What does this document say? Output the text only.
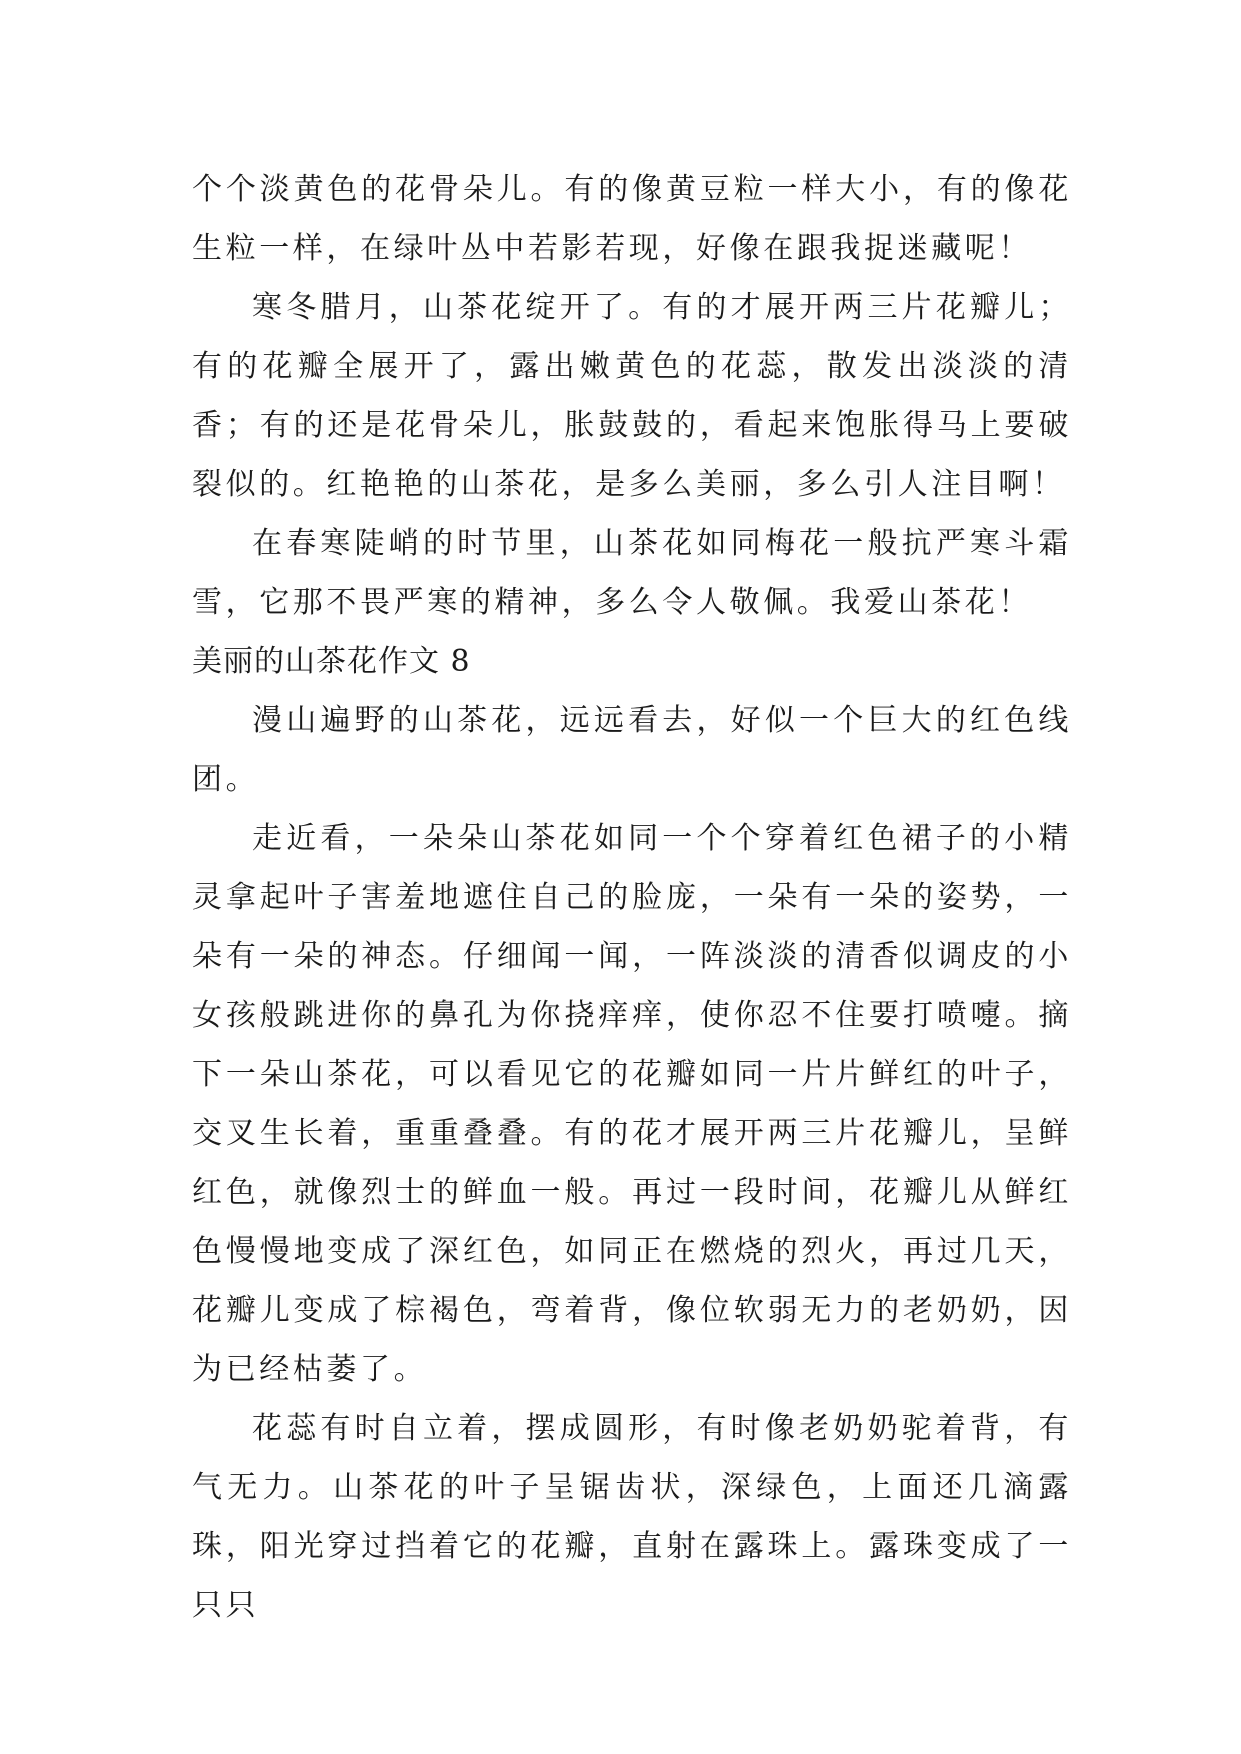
个个淡黄色的花骨朵儿。有的像黄豆粒一样大小，有的像花生粒一样，在绿叶丛中若影若现，好像在跟我捉迷藏呢！

寒冬腊月，山茶花绽开了。有的才展开两三片花瓣儿；有的花瓣全展开了，露出嫩黄色的花蕊，散发出淡淡的清香；有的还是花骨朵儿，胀鼓鼓的，看起来饱胀得马上要破裂似的。红艳艳的山茶花，是多么美丽，多么引人注目啊！

在春寒陡峭的时节里，山茶花如同梅花一般抗严寒斗霜雪，它那不畏严寒的精神，多么令人敬佩。我爱山茶花！

美丽的山茶花作文 8

漫山遍野的山茶花，远远看去，好似一个巨大的红色线团。

走近看，一朵朵山茶花如同一个个穿着红色裙子的小精灵拿起叶子害羞地遮住自己的脸庞，一朵有一朵的姿势，一朵有一朵的神态。仔细闻一闻，一阵淡淡的清香似调皮的小女孩般跳进你的鼻孔为你挠痒痒，使你忍不住要打喷嚏。摘下一朵山茶花，可以看见它的花瓣如同一片片鲜红的叶子，交叉生长着，重重叠叠。有的花才展开两三片花瓣儿，呈鲜红色，就像烈士的鲜血一般。再过一段时间，花瓣儿从鲜红色慢慢地变成了深红色，如同正在燃烧的烈火，再过几天，花瓣儿变成了棕褐色，弯着背，像位软弱无力的老奶奶，因为已经枯萎了。

花蕊有时自立着，摆成圆形，有时像老奶奶驼着背，有气无力。山茶花的叶子呈锯齿状，深绿色，上面还几滴露珠，阳光穿过挡着它的花瓣，直射在露珠上。露珠变成了一只只
